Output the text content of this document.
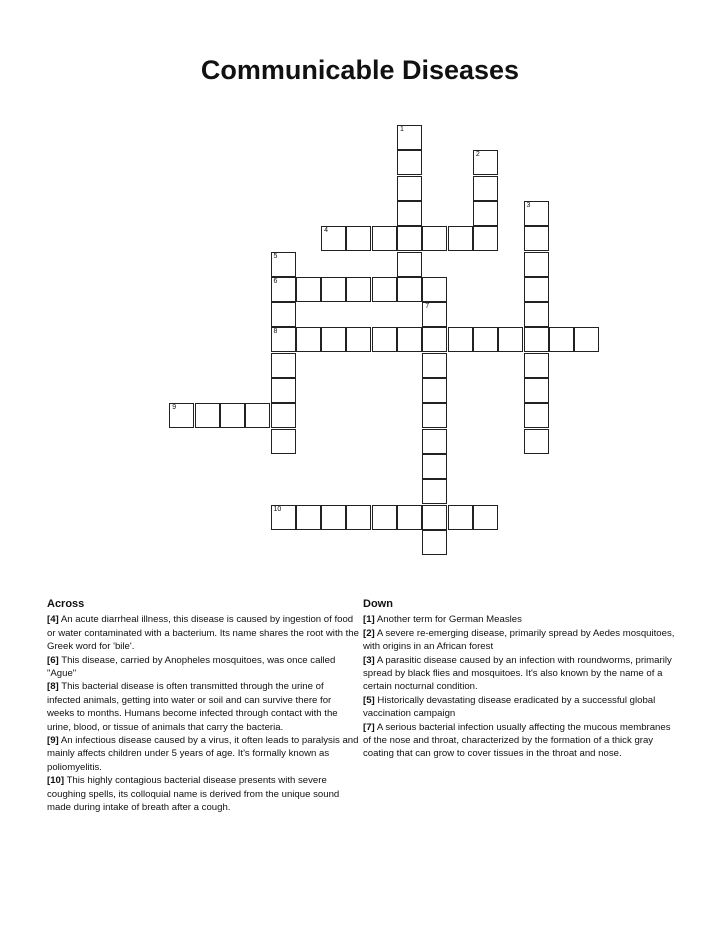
Communicable Diseases
1
2
3
4
5
6
8
7
9
10
Across

[4] An acute diarrheal illness, this disease is caused by ingestion of food or water contaminated with a bacterium. Its name shares the root with the Greek word for 'bile'.

[6] This disease, carried by Anopheles mosquitoes, was once called "Ague"

[8] This bacterial disease is often transmitted through the urine of infected animals, getting into water or soil and can survive there for weeks to months. Humans become infected through contact with the urine, blood, or tissue of animals that carry the bacteria.

[9] An infectious disease caused by a virus, it often leads to paralysis and mainly affects children under 5 years of age. It's formally known as poliomyelitis.

[10] This highly contagious bacterial disease presents with severe coughing spells, its colloquial name is derived from the unique sound made during intake of breath after a cough.

Down

[1] Another term for German Measles

[2] A severe re-emerging disease, primarily spread by Aedes mosquitoes, with origins in an African forest

[3] A parasitic disease caused by an infection with roundworms, primarily spread by black flies and mosquitoes. It's also known by the name of a certain nocturnal condition.

[5] Historically devastating disease eradicated by a successful global vaccination campaign

[7] A serious bacterial infection usually affecting the mucous membranes of the nose and throat, characterized by the formation of a thick gray coating that can grow to cover tissues in the throat and nose.
